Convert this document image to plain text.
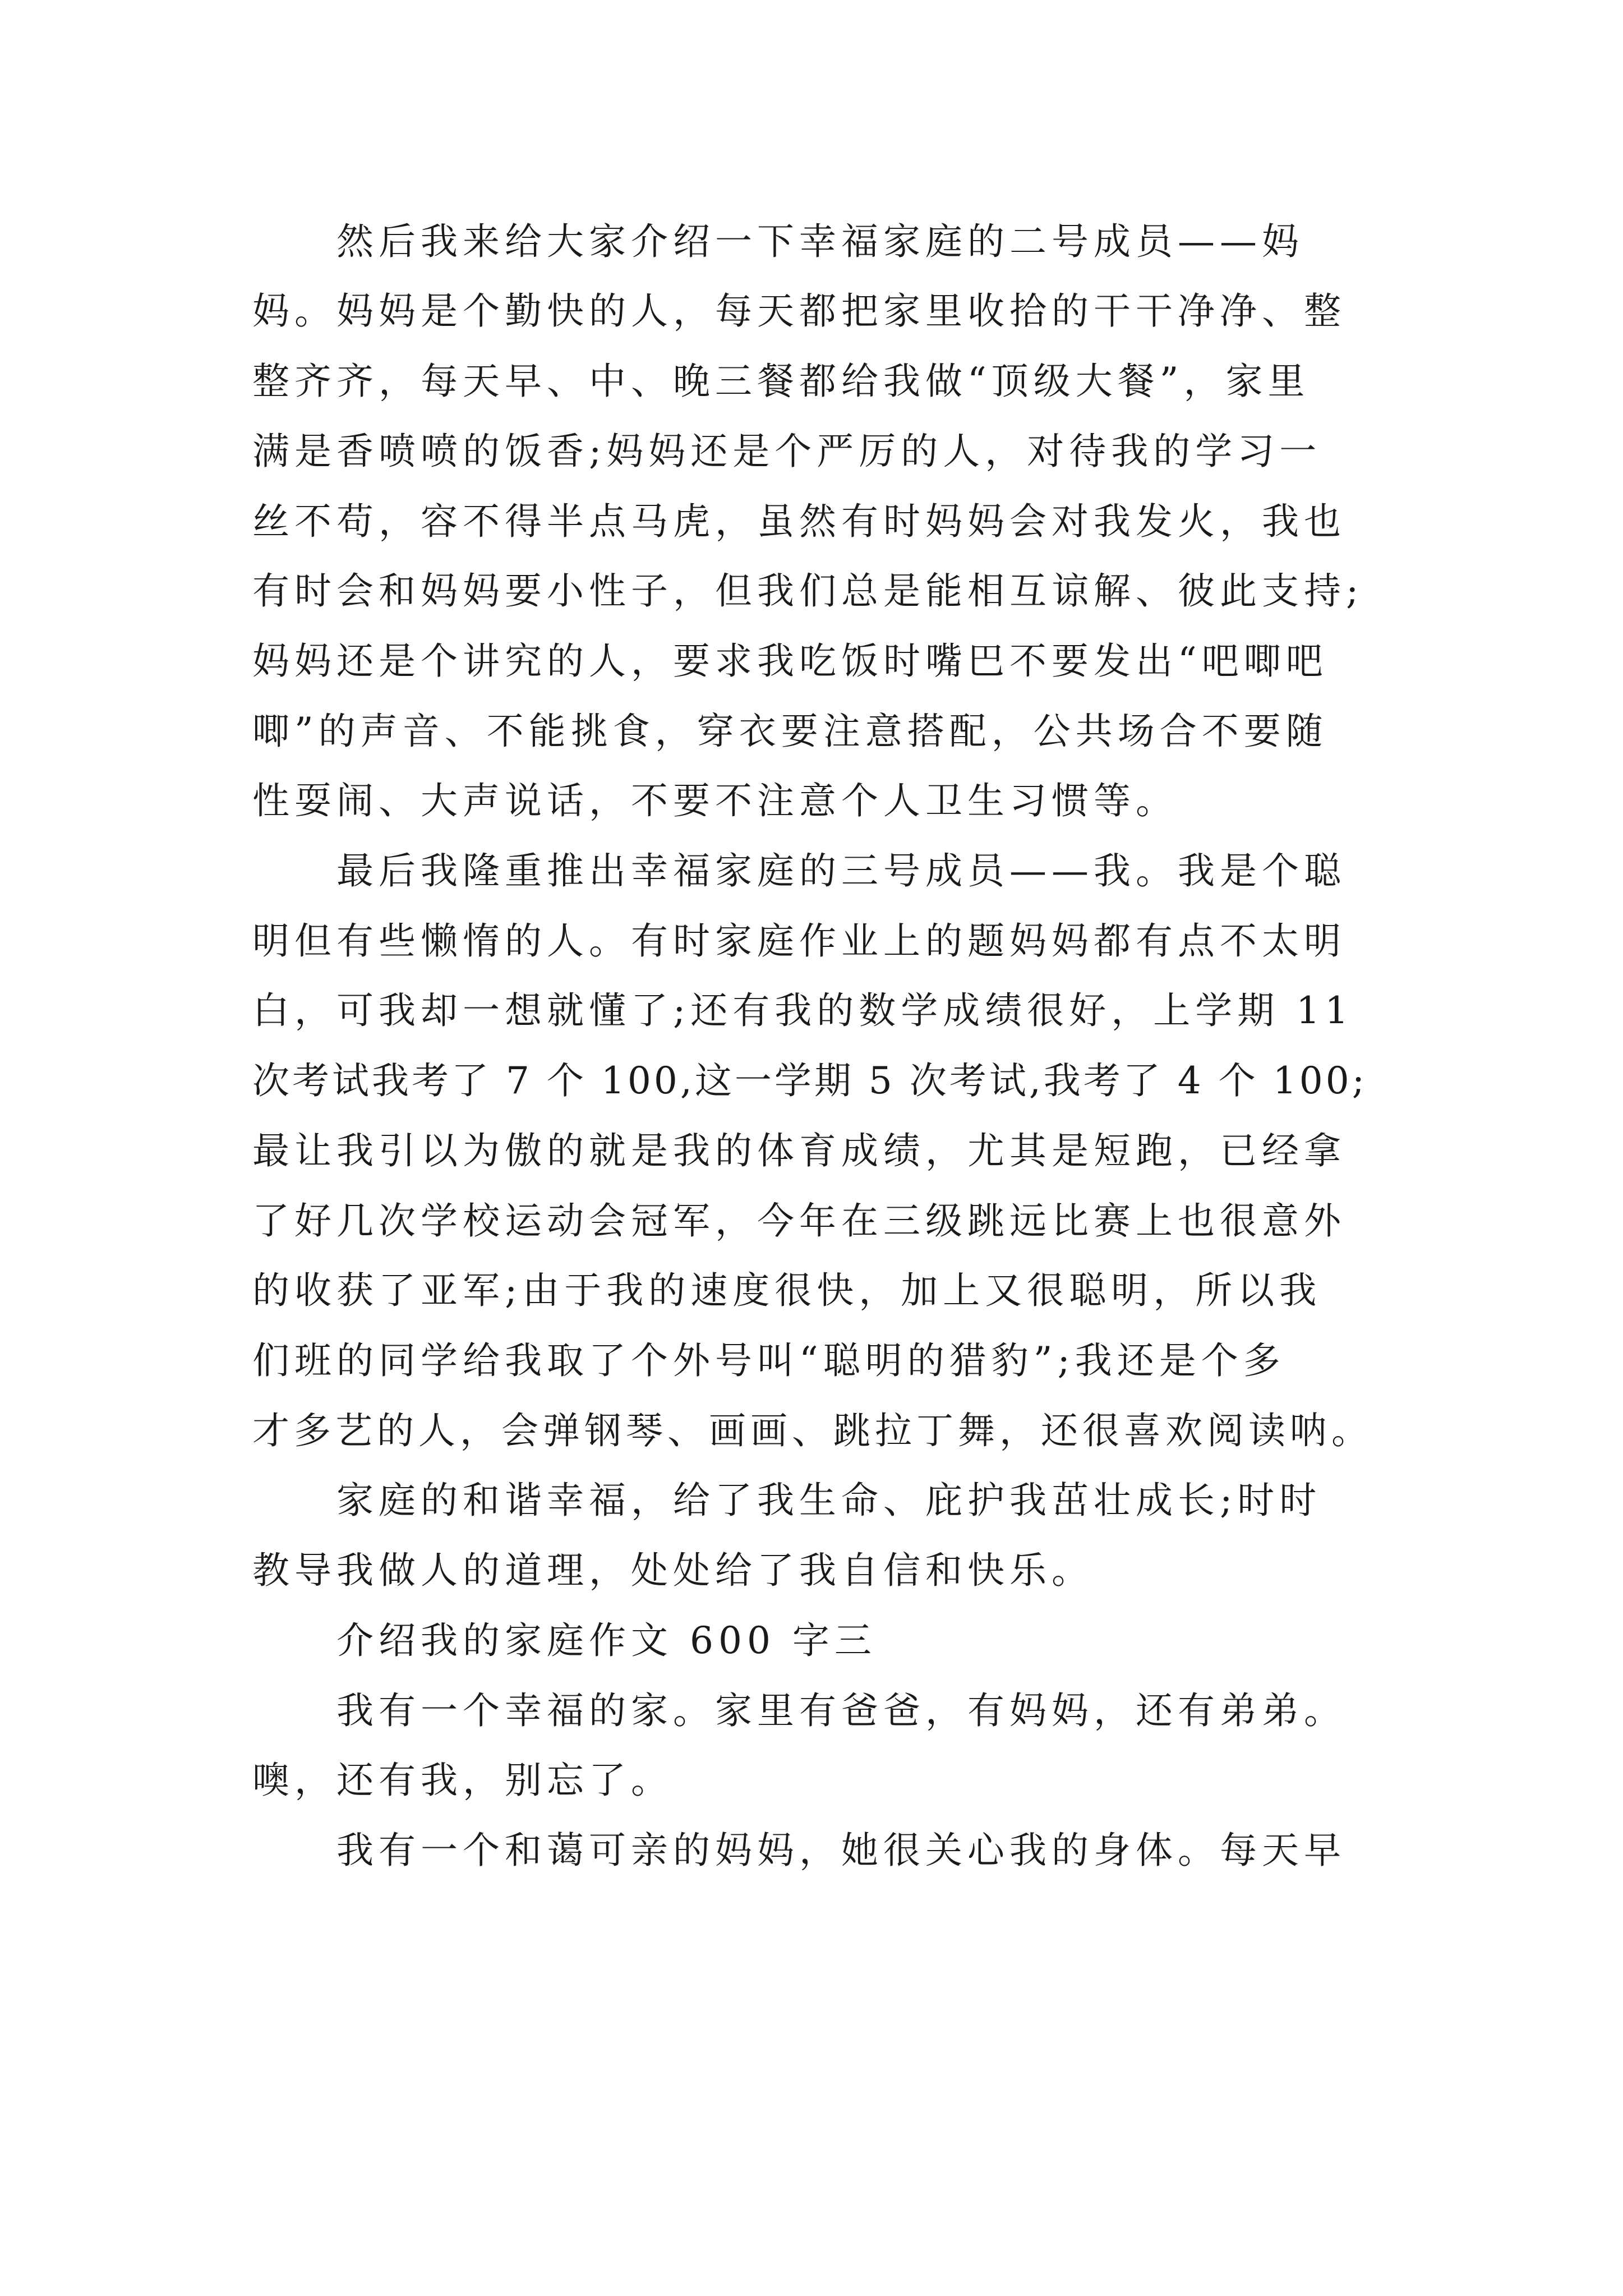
然后我来给大家介绍一下幸福家庭的二号成员——妈
妈。妈妈是个勤快的人，每天都把家里收拾的干干净净、整
整齐齐，每天早、中、晚三餐都给我做“顶级大餐”，家里
满是香喷喷的饭香;妈妈还是个严厉的人，对待我的学习一
丝不苟，容不得半点马虎，虽然有时妈妈会对我发火，我也
有时会和妈妈要小性子，但我们总是能相互谅解、彼此支持;
妈妈还是个讲究的人，要求我吃饭时嘴巴不要发出“吧唧吧
唧”的声音、不能挑食，穿衣要注意搭配，公共场合不要随
性耍闹、大声说话，不要不注意个人卫生习惯等。
最后我隆重推出幸福家庭的三号成员——我。我是个聪
明但有些懒惰的人。有时家庭作业上的题妈妈都有点不太明
白，可我却一想就懂了;还有我的数学成绩很好，上学期 11
次考试我考了 7 个 100,这一学期 5 次考试,我考了 4 个 100;
最让我引以为傲的就是我的体育成绩，尤其是短跑，已经拿
了好几次学校运动会冠军，今年在三级跳远比赛上也很意外
的收获了亚军;由于我的速度很快，加上又很聪明，所以我
们班的同学给我取了个外号叫“聪明的猎豹”;我还是个多
才多艺的人，会弹钢琴、画画、跳拉丁舞，还很喜欢阅读呐。
家庭的和谐幸福，给了我生命、庇护我茁壮成长;时时
教导我做人的道理，处处给了我自信和快乐。
介绍我的家庭作文 600 字三
我有一个幸福的家。家里有爸爸，有妈妈，还有弟弟。
噢，还有我，别忘了。
我有一个和蔼可亲的妈妈，她很关心我的身体。每天早
